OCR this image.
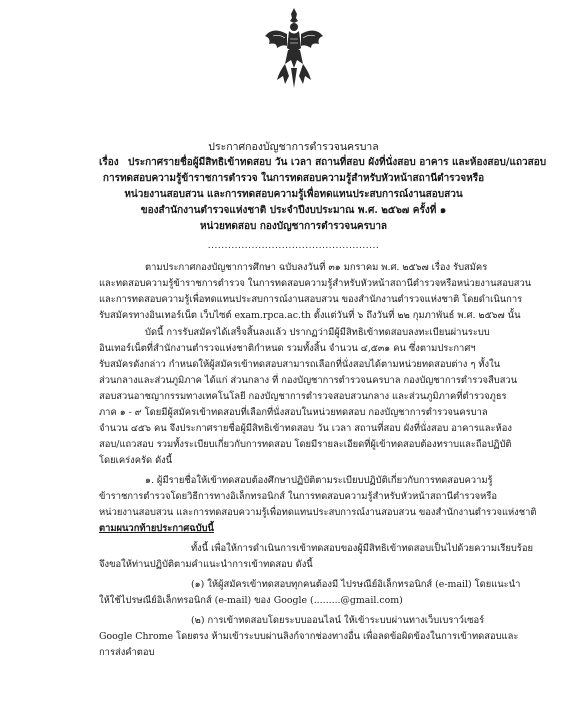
ประกาศกองบัญชาการตำรวจนครบาล
เรื่อง ประกาศรายชื่อผู้มีสิทธิเข้าทดสอบ วัน เวลา สถานที่สอบ ผังที่นั่งสอบ อาคาร และห้องสอบ/แถวสอบ
การทดสอบความรู้ข้าราชการตำรวจ ในการทดสอบความรู้สำหรับหัวหน้าสถานีตำรวจหรือ
หน่วยงานสอบสวน และการทดสอบความรู้เพื่อทดแทนประสบการณ์งานสอบสวน
ของสำนักงานตำรวจแห่งชาติ ประจำปีงบประมาณ พ.ศ. ๒๕๖๗ ครั้งที่ ๑
หน่วยทดสอบ กองบัญชาการตำรวจนครบาล
...................................................
ตามประกาศกองบัญชาการศึกษา ฉบับลงวันที่ ๓๑ มกราคม พ.ศ. ๒๕๖๗ เรื่อง รับสมัคร
และทดสอบความรู้ข้าราชการตำรวจ ในการทดสอบความรู้สำหรับหัวหน้าสถานีตำรวจหรือหน่วยงานสอบสวน
และการทดสอบความรู้เพื่อทดแทนประสบการณ์งานสอบสวน ของสำนักงานตำรวจแห่งชาติ โดยดำเนินการ
รับสมัครทางอินเทอร์เน็ต เว็บไซต์ exam.rpca.ac.th ตั้งแต่วันที่ ๖ ถึงวันที่ ๒๒ กุมภาพันธ์ พ.ศ. ๒๕๖๗ นั้น
บัดนี้ การรับสมัครได้เสร็จสิ้นลงแล้ว ปรากฏว่ามีผู้มีสิทธิเข้าทดสอบลงทะเบียนผ่านระบบ
อินเทอร์เน็ตที่สำนักงานตำรวจแห่งชาติกำหนด รวมทั้งสิ้น จำนวน ๔,๕๓๑ คน ซึ่งตามประกาศฯ
รับสมัครดังกล่าว กำหนดให้ผู้สมัครเข้าทดสอบสามารถเลือกที่นั่งสอบได้ตามหน่วยทดสอบต่าง ๆ ทั้งใน
ส่วนกลางและส่วนภูมิภาค ได้แก่ ส่วนกลาง ที่ กองบัญชาการตำรวจนครบาล กองบัญชาการตำรวจสืบสวน
สอบสวนอาชญากรรมทางเทคโนโลยี กองบัญชาการตำรวจสอบสวนกลาง และส่วนภูมิภาคที่ตำรวจภูธร
ภาค ๑ - ๙ โดยมีผู้สมัครเข้าทดสอบที่เลือกที่นั่งสอบในหน่วยทดสอบ กองบัญชาการตำรวจนครบาล
จำนวน ๔๕๖ คน จึงประกาศรายชื่อผู้มีสิทธิเข้าทดสอบ วัน เวลา สถานที่สอบ ผังที่นั่งสอบ อาคารและห้อง
สอบ/แถวสอบ รวมทั้งระเบียบเกี่ยวกับการทดสอบ โดยมีรายละเอียดที่ผู้เข้าทดสอบต้องทราบและถือปฏิบัติ
โดยเคร่งครัด ดังนี้
๑. ผู้มีรายชื่อให้เข้าทดสอบต้องศึกษาปฏิบัติตามระเบียบปฏิบัติเกี่ยวกับการทดสอบความรู้
ข้าราชการตำรวจโดยวิธีการทางอิเล็กทรอนิกส์ ในการทดสอบความรู้สำหรับหัวหน้าสถานีตำรวจหรือ
หน่วยงานสอบสวน และการทดสอบความรู้เพื่อทดแทนประสบการณ์งานสอบสวน ของสำนักงานตำรวจแห่งชาติ
ตามผนวกท้ายประกาศฉบับนี้
ทั้งนี้ เพื่อให้การดำเนินการเข้าทดสอบของผู้มีสิทธิเข้าทดสอบเป็นไปด้วยความเรียบร้อย
จึงขอให้ท่านปฏิบัติตามคำแนะนำการเข้าทดสอบ ดังนี้
(๑) ให้ผู้สมัครเข้าทดสอบทุกคนต้องมี ไปรษณีย์อิเล็กทรอนิกส์ (e-mail) โดยแนะนำ
ให้ใช้ไปรษณีย์อิเล็กทรอนิกส์ (e-mail) ของ Google (.........@gmail.com)
(๒) การเข้าทดสอบโดยระบบออนไลน์ ให้เข้าระบบผ่านทางเว็บเบราว์เซอร์
Google Chrome โดยตรง ห้ามเข้าระบบผ่านลิงก์จากช่องทางอื่น เพื่อลดข้อผิดข้องในการเข้าทดสอบและ
การส่งคำตอบ
